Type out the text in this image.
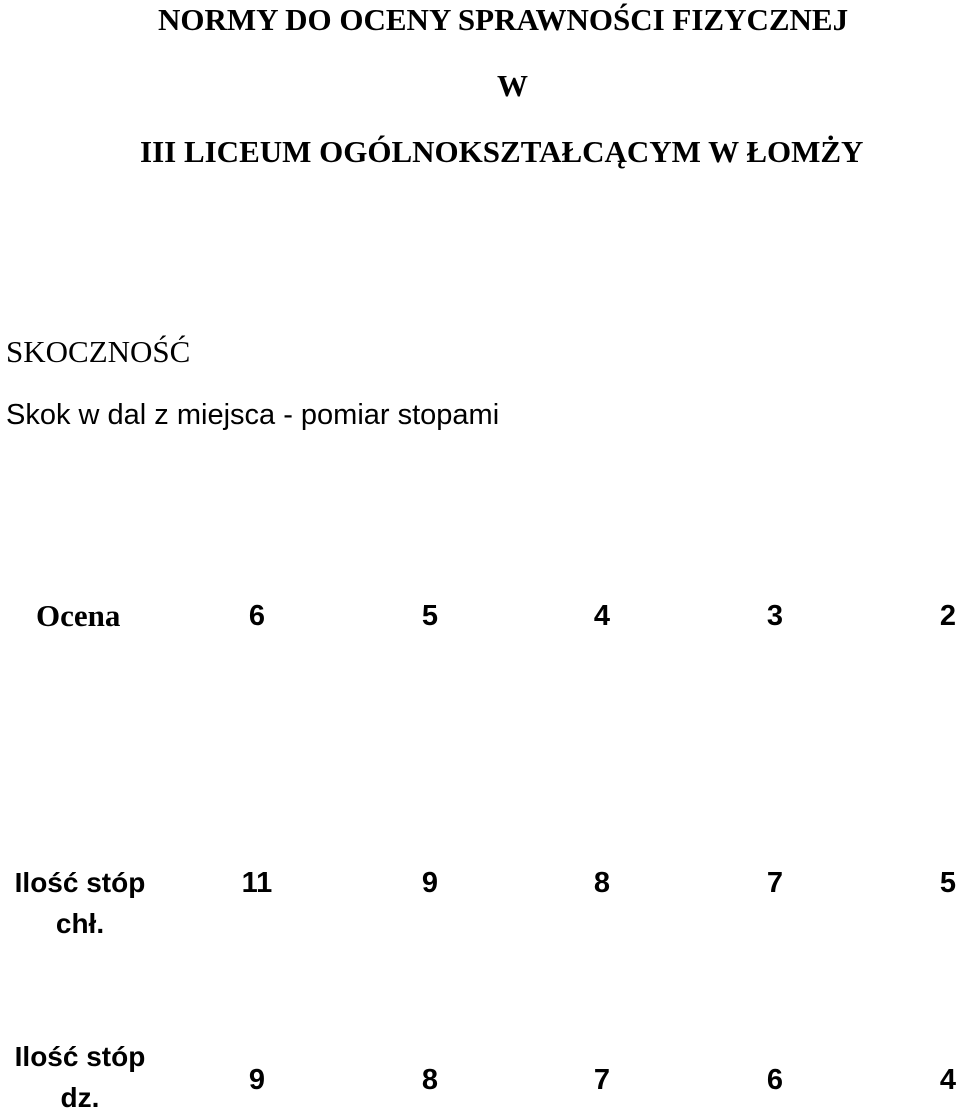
NORMY DO OCENY SPRAWNOŚCI FIZYCZNEJ
W
III LICEUM OGÓLNOKSZTAŁCĄCYM W ŁOMŻY
SKOCZNOŚĆ
Skok w dal z miejsca - pomiar stopami
Ocena	6	5	4	3	2
Ilość stóp
chł.
11	9	8	7	5
Ilość stóp
dz.
9	8	7	6	4
